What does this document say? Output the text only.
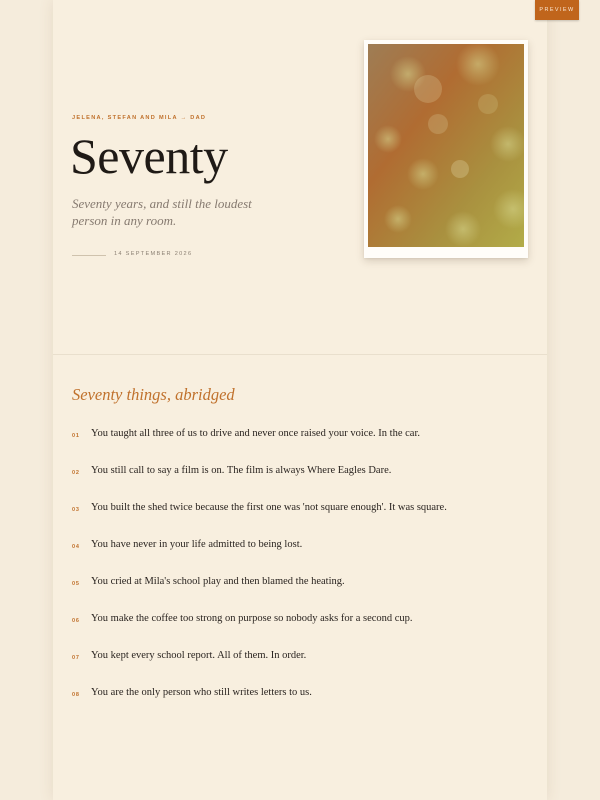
PREVIEW
JELENA, STEFAN AND MILA → DAD
Seventy

Seventy years, and still the loudest person in any room.

14 SEPTEMBER 2026
Seventy things, abridged
01 You taught all three of us to drive and never once raised your voice. In the car.
02 You still call to say a film is on. The film is always Where Eagles Dare.
03 You built the shed twice because the first one was 'not square enough'. It was square.
04 You have never in your life admitted to being lost.
05 You cried at Mila's school play and then blamed the heating.
06 You make the coffee too strong on purpose so nobody asks for a second cup.
07 You kept every school report. All of them. In order.
08 You are the only person who still writes letters to us.
